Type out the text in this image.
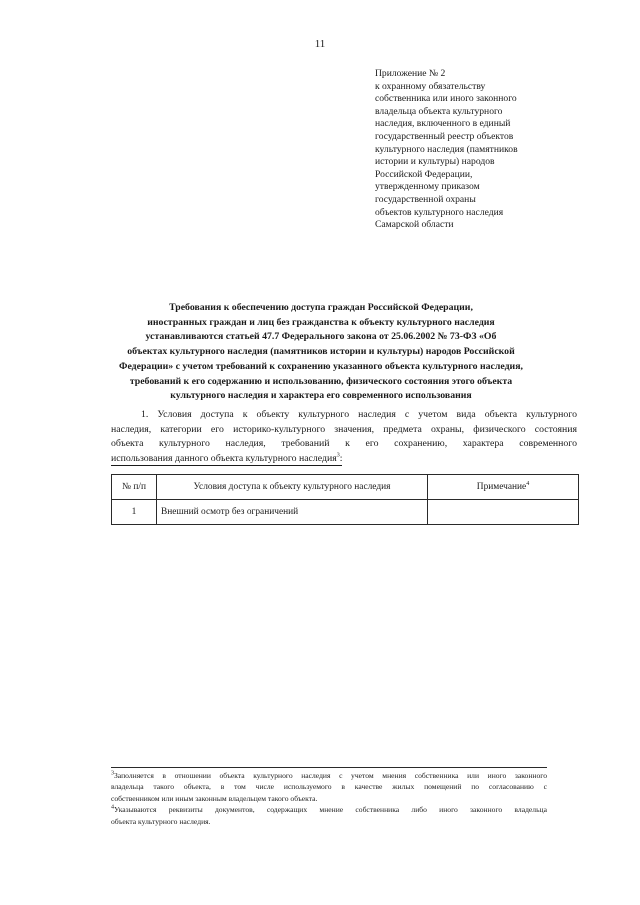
11
Приложение № 2
к охранному обязательству
собственника или иного законного
владельца объекта культурного
наследия, включенного в единый
государственный реестр объектов
культурного наследия (памятников
истории и культуры) народов
Российской Федерации,
утвержденному приказом
государственной охраны
объектов культурного наследия
Самарской области
Требования к обеспечению доступа граждан Российской Федерации,
иностранных граждан и лиц без гражданства к объекту культурного наследия
устанавливаются статьей 47.7 Федерального закона от 25.06.2002 № 73-ФЗ «Об
объектах культурного наследия (памятников истории и культуры) народов Российской
Федерации» с учетом требований к сохранению указанного объекта культурного наследия,
требований к его содержанию и использованию, физического состояния этого объекта
культурного наследия и характера его современного использования
1. Условия доступа к объекту культурного наследия с учетом вида объекта культурного
наследия, категории его историко-культурного значения, предмета охраны, физического состояния
объекта культурного наследия, требований к его сохранению, характера современного
использования данного объекта культурного наследия$^3$:
№ п/п	Условия доступа к объекту культурного наследия	Примечание$^4$
1	Внешний осмотр без ограничений	
$^3$Заполняется в отношении объекта культурного наследия с учетом мнения собственника или иного законного
владельца такого объекта, в том числе используемого в качестве жилых помещений по согласованию с
собственником или иным законным владельцем такого объекта.
$^4$Указываются реквизиты документов, содержащих мнение собственника либо иного законного владельца
объекта культурного наследия.
